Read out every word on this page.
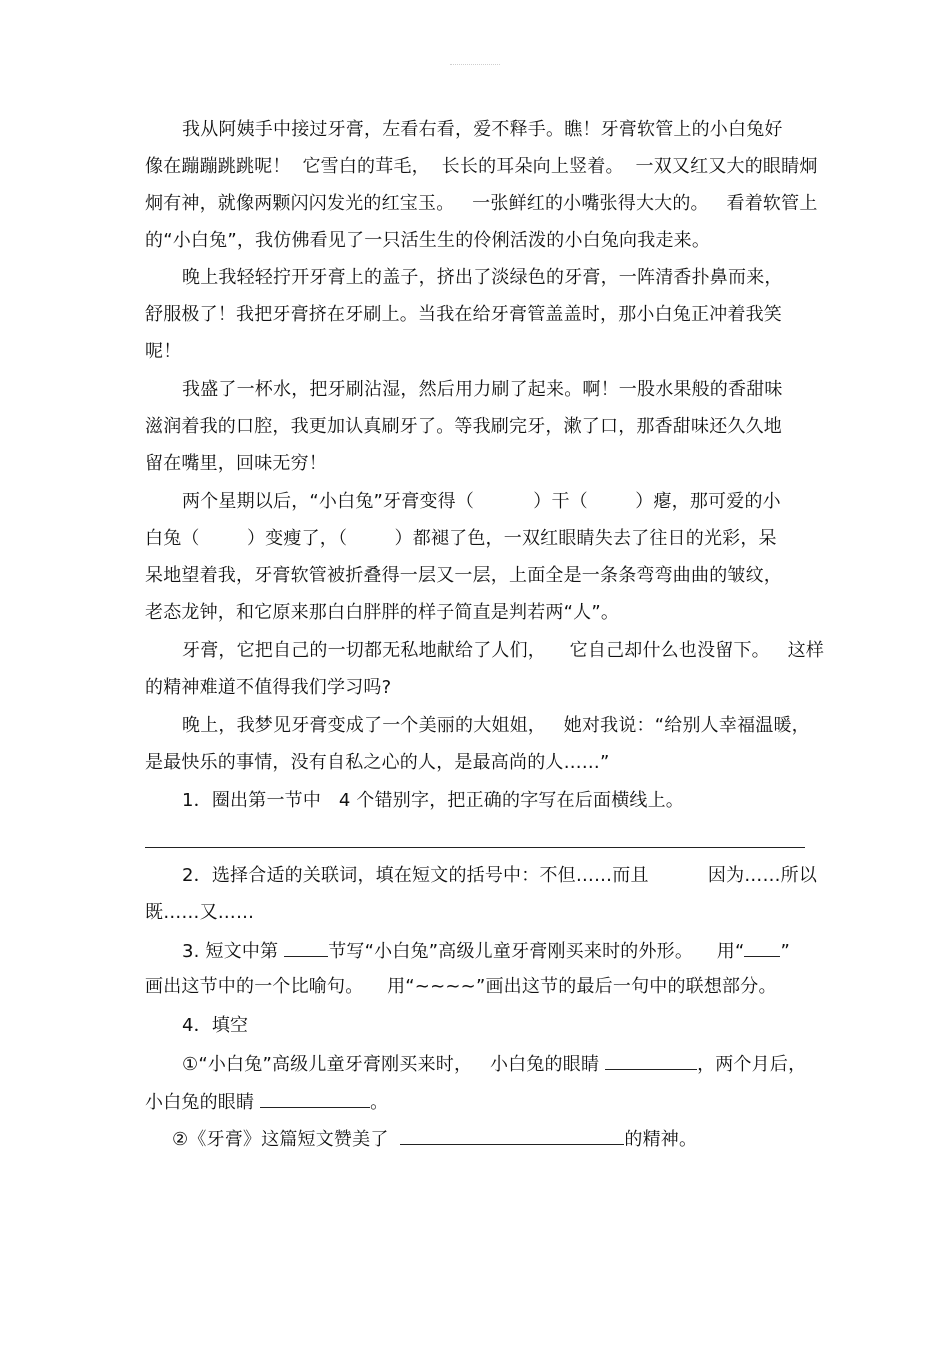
我从阿姨手中接过牙膏，左看右看，爱不释手。瞧！牙膏软管上的小白兔好
像在蹦蹦跳跳呢！  它雪白的茸毛，  长长的耳朵向上竖着。  一双又红又大的眼睛炯
炯有神，就像两颗闪闪发光的红宝玉。   一张鲜红的小嘴张得大大的。   看着软管上
的“小白兔”，我仿佛看见了一只活生生的伶俐活泼的小白兔向我走来。
晚上我轻轻拧开牙膏上的盖子，挤出了淡绿色的牙膏，一阵清香扑鼻而来，
舒服极了！我把牙膏挤在牙刷上。当我在给牙膏管盖盖时，那小白兔正冲着我笑
呢！
我盛了一杯水，把牙刷沾湿，然后用力刷了起来。啊！一股水果般的香甜味
滋润着我的口腔，我更加认真刷牙了。等我刷完牙，漱了口，那香甜味还久久地
留在嘴里，回味无穷！
两个星期以后，“小白兔”牙膏变得（          ）干（        ）瘪，那可爱的小
白兔（        ）变瘦了，（        ）都褪了色，一双红眼睛失去了往日的光彩，呆
呆地望着我，牙膏软管被折叠得一层又一层，上面全是一条条弯弯曲曲的皱纹，
老态龙钟，和它原来那白白胖胖的样子简直是判若两“人”。
牙膏，它把自己的一切都无私地献给了人们，    它自己却什么也没留下。   这样
的精神难道不值得我们学习吗?
晚上，我梦见牙膏变成了一个美丽的大姐姐，   她对我说：“给别人幸福温暖，
是最快乐的事情，没有自私之心的人，是最高尚的人……”
1．圈出第一节中   4 个错别字，把正确的字写在后面横线上。
2．选择合适的关联词，填在短文的括号中：不但……而且          因为……所以
既……又……
3. 短文中第 节写“小白兔”高级儿童牙膏刚买来时的外形。    用“ ”
画出这节中的一个比喻句。    用“~~~~”画出这节的最后一句中的联想部分。
4．填空
①“小白兔”高级儿童牙膏刚买来时，   小白兔的眼睛	，两个月后，
小白兔的眼睛	。
②《牙膏》这篇短文赞美了	的精神。
